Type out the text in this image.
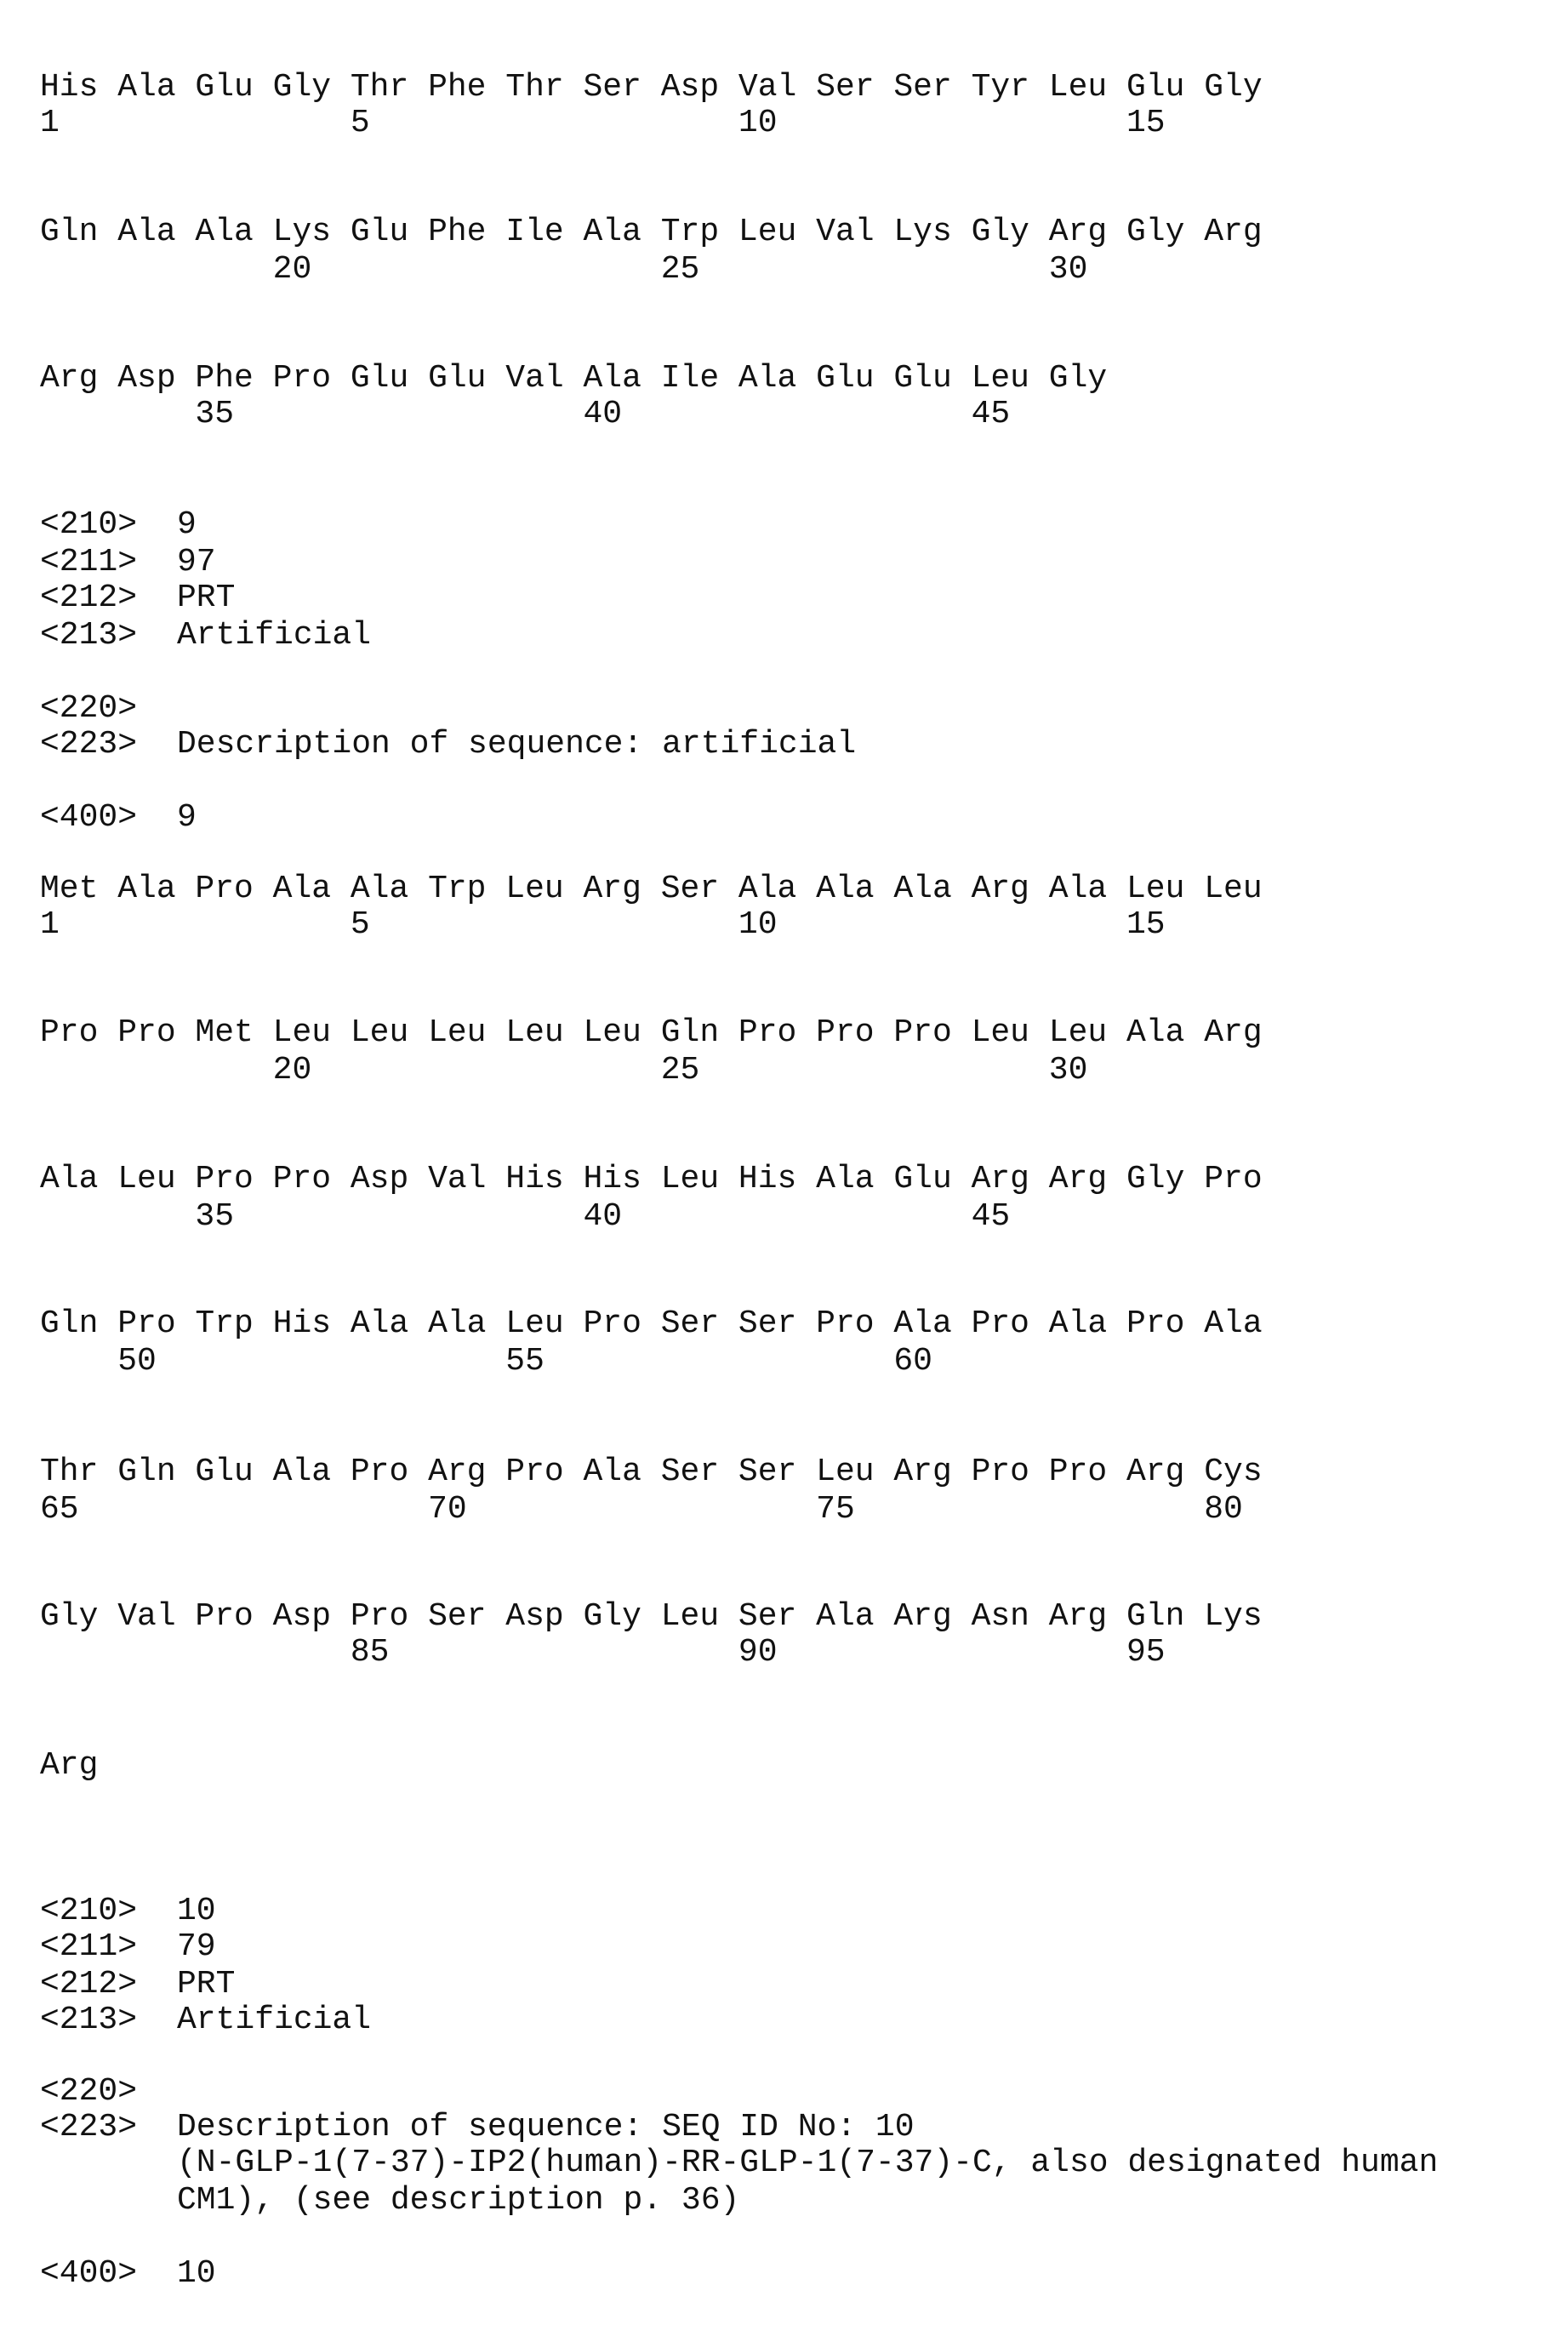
His Ala Glu Gly Thr Phe Thr Ser Asp Val Ser Ser Tyr Leu Glu Gly
1               5                   10                  15
Gln Ala Ala Lys Glu Phe Ile Ala Trp Leu Val Lys Gly Arg Gly Arg
20                  25                  30
Arg Asp Phe Pro Glu Glu Val Ala Ile Ala Glu Glu Leu Gly
35                  40                  45
<210> 9
<211> 97
<212> PRT
<213> Artificial
<220>
<223> Description of sequence: artificial
<400> 9
Met Ala Pro Ala Ala Trp Leu Arg Ser Ala Ala Ala Arg Ala Leu Leu
1               5                   10                  15
Pro Pro Met Leu Leu Leu Leu Leu Gln Pro Pro Pro Leu Leu Ala Arg
20                  25                  30
Ala Leu Pro Pro Asp Val His His Leu His Ala Glu Arg Arg Gly Pro
35                  40                  45
Gln Pro Trp His Ala Ala Leu Pro Ser Ser Pro Ala Pro Ala Pro Ala
50                  55                  60
Thr Gln Glu Ala Pro Arg Pro Ala Ser Ser Leu Arg Pro Pro Arg Cys
65                  70                  75                  80
Gly Val Pro Asp Pro Ser Asp Gly Leu Ser Ala Arg Asn Arg Gln Lys
85                  90                  95
Arg
<210> 10
<211> 79
<212> PRT
<213> Artificial
<220>
<223> Description of sequence: SEQ ID No: 10
(N-GLP-1(7-37)-IP2(human)-RR-GLP-1(7-37)-C, also designated human
CM1), (see description p. 36)
<400> 10
